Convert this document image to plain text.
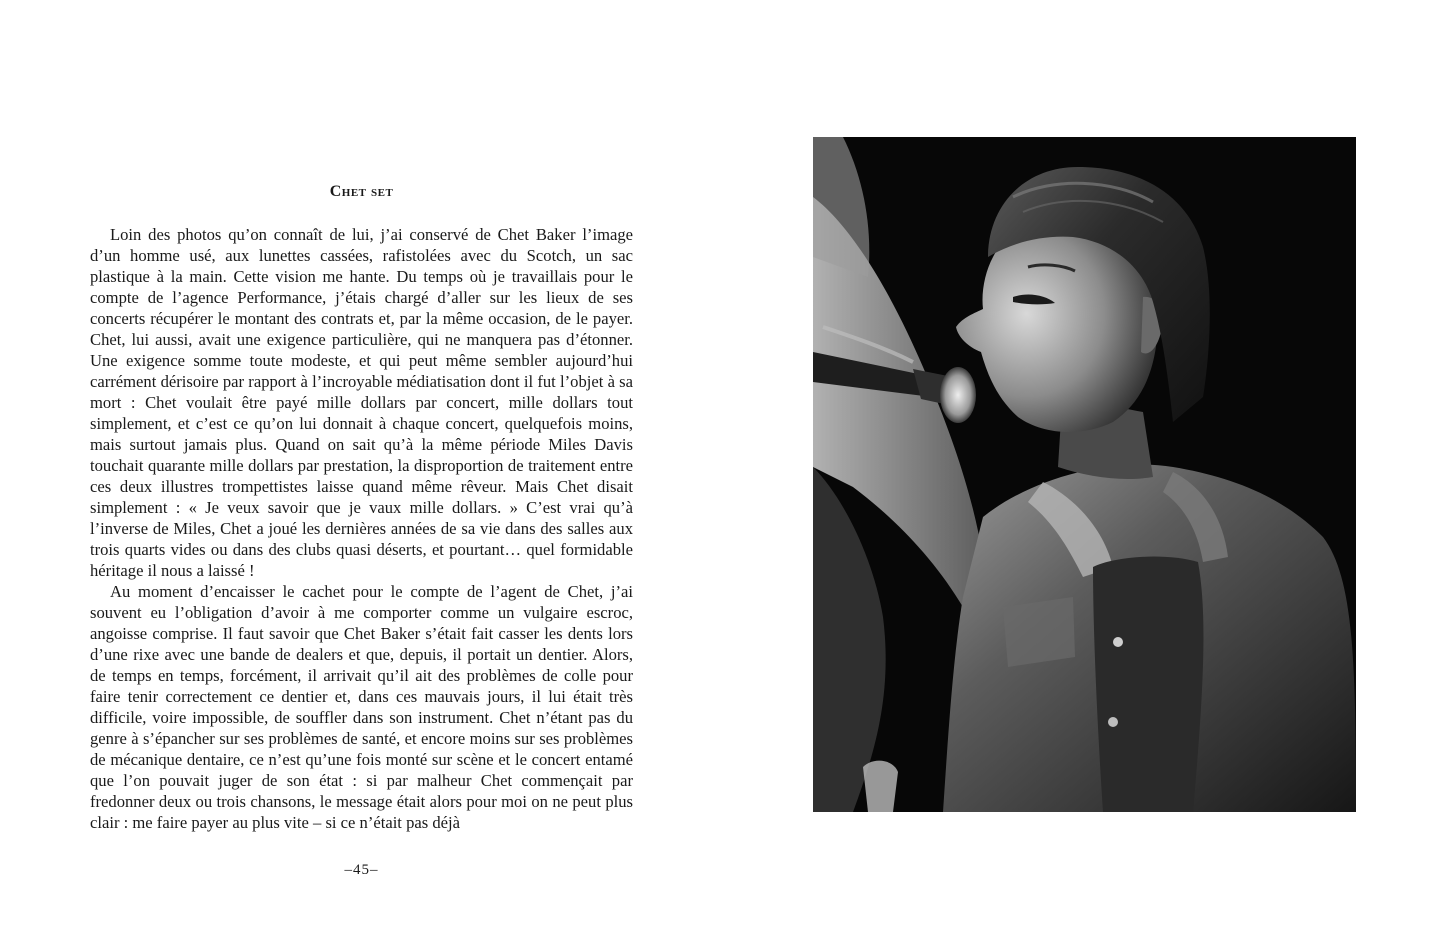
Chet set

Loin des photos qu’on connaît de lui, j’ai conservé de Chet Baker l’image d’un homme usé, aux lunettes cassées, rafistolées avec du Scotch, un sac plastique à la main. Cette vision me hante. Du temps où je travaillais pour le compte de l’agence Performance, j’étais chargé d’aller sur les lieux de ses concerts récupérer le montant des contrats et, par la même occasion, de le payer. Chet, lui aussi, avait une exigence particulière, qui ne manquera pas d’étonner. Une exigence somme toute modeste, et qui peut même sembler aujourd’hui carrément dérisoire par rapport à l’incroyable médiatisation dont il fut l’objet à sa mort : Chet voulait être payé mille dollars par concert, mille dollars tout simplement, et c’est ce qu’on lui donnait à chaque concert, quelquefois moins, mais surtout jamais plus. Quand on sait qu’à la même période Miles Davis touchait quarante mille dollars par prestation, la disproportion de traitement entre ces deux illustres trompettistes laisse quand même rêveur. Mais Chet disait simplement : « Je veux savoir que je vaux mille dollars. » C’est vrai qu’à l’inverse de Miles, Chet a joué les dernières années de sa vie dans des salles aux trois quarts vides ou dans des clubs quasi déserts, et pourtant… quel formidable héritage il nous a laissé !

Au moment d’encaisser le cachet pour le compte de l’agent de Chet, j’ai souvent eu l’obligation d’avoir à me comporter comme un vulgaire escroc, angoisse comprise. Il faut savoir que Chet Baker s’était fait casser les dents lors d’une rixe avec une bande de dealers et que, depuis, il portait un dentier. Alors, de temps en temps, forcément, il arrivait qu’il ait des problèmes de colle pour faire tenir correctement ce dentier et, dans ces mauvais jours, il lui était très difficile, voire impossible, de souffler dans son instrument. Chet n’étant pas du genre à s’épancher sur ses problèmes de santé, et encore moins sur ses problèmes de mécanique dentaire, ce n’est qu’une fois monté sur scène et le concert entamé que l’on pouvait juger de son état : si par malheur Chet commençait par fredonner deux ou trois chansons, le message était alors pour moi on ne peut plus clair : me faire payer au plus vite – si ce n’était pas déjà

–45–
